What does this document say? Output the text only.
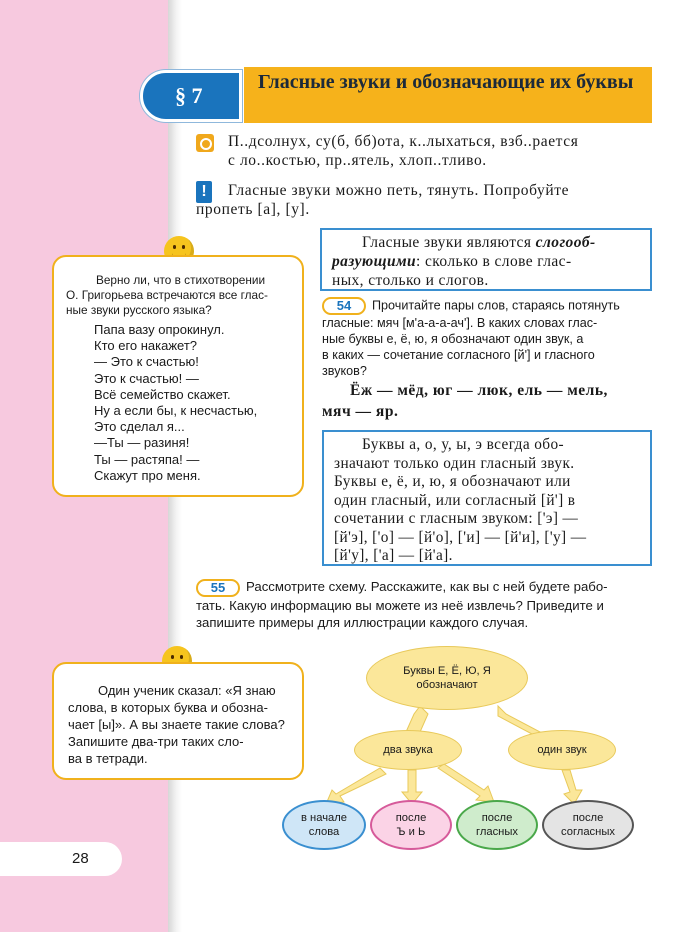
§ 7
Гласные звуки и обозначающие их буквы
П..дсолнух, су(б, бб)ота, к..лыхаться, взб..рается
с ло..костью, пр..ятель, хлоп..тливо.
!	Гласные звуки можно петь, тянуть. Попробуйте
пропеть [а], [у].
Гласные звуки являются слогооб-
разующими: сколько в слове глас-
ных, столько и слогов.
Верно ли, что в стихотворении
О. Григорьева встречаются все глас-
ные звуки русского языка?
Папа вазу опрокинул.
Кто его накажет?
— Это к счастью!
Это к счастью! —
Всё семейство скажет.
Ну а если бы, к несчастью,
Это сделал я...
—Ты — разиня!
Ты — растяпа! —
Скажут про меня.
54 Прочитайте пары слов, стараясь потянуть
гласные: мяч [м'а-а-а-ач']. В каких словах глас-
ные буквы е, ё, ю, я обозначают один звук, а
в каких — сочетание согласного [й'] и гласного
звуков?
Ёж — мёд, юг — люк, ель — мель,
мяч — яр.
Буквы а, о, у, ы, э всегда обо-
значают только один гласный звук.
Буквы е, ё, и, ю, я обозначают или
один гласный, или согласный [й'] в
сочетании с гласным звуком: ['э] —
[й'э], ['о] — [й'о], ['и] — [й'и], ['у] —
[й'у], ['а] — [й'а].
55 Рассмотрите схему. Расскажите, как вы с ней будете рабо-
тать. Какую информацию вы можете из неё извлечь? Приведите и
запишите примеры для иллюстрации каждого случая.
Один ученик сказал: «Я знаю
слова, в которых буква и обозна-
чает [ы]». А вы знаете такие слова?
Запишите два-три таких сло-
ва в тетради.
Буквы Е, Ё, Ю, Я
обозначают
два звука	один звук
в начале
слова
после
Ъ и Ь
после
гласных
после
согласных
28
